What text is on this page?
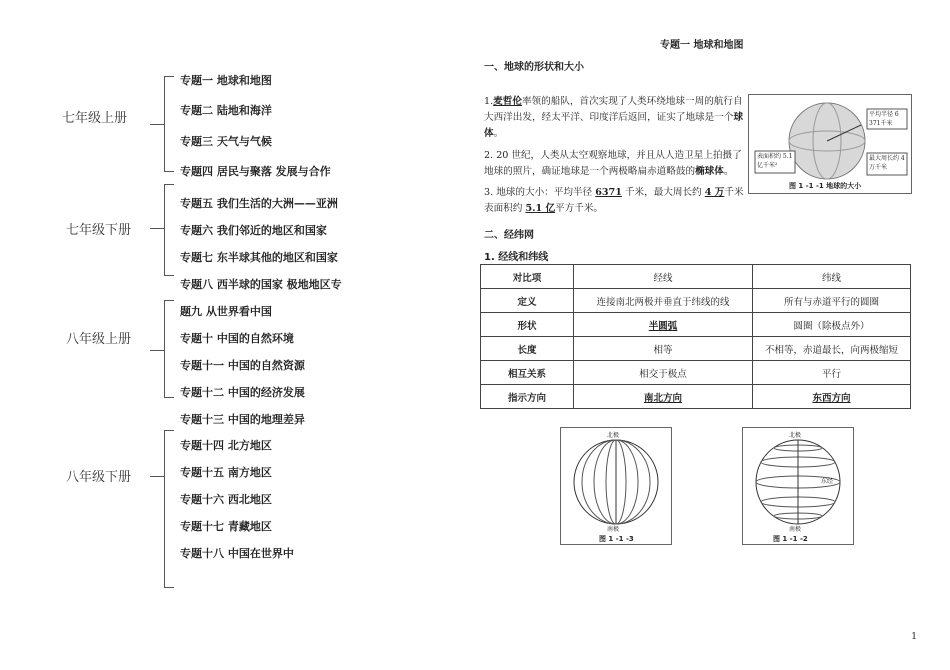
七年级上册
七年级下册
八年级上册
八年级下册
专题一 地球和地图
专题二 陆地和海洋
专题三 天气与气候
专题四 居民与聚落 发展与合作
专题五 我们生活的大洲——亚洲
专题六 我们邻近的地区和国家
专题七 东半球其他的地区和国家
专题八 西半球的国家 极地地区专
题九 从世界看中国
专题十 中国的自然环境
专题十一 中国的自然资源
专题十二 中国的经济发展
专题十三 中国的地理差异
专题十四 北方地区
专题十五 南方地区
专题十六 西北地区
专题十七 青藏地区
专题十八 中国在世界中
专题一 地球和地图
一、地球的形状和大小
1.麦哲伦率领的船队，首次实现了人类环绕地球一周的航行自大西洋出发，经太平洋、印度洋后返回，证实了地球是一个球体。
2. 20 世纪，人类从太空观察地球，并且从人造卫星上拍摄了地球的照片，确证地球是一个两极略扁赤道略鼓的椭球体。
3. 地球的大小：平均半径 6371 千米，最大周长约 4 万千米 表面积约 5.1 亿平方千米。
平均半径 6 371千米
最大周长约 4万千米
表面积约 5.1亿千米²
图 1 -1 -1 地球的大小
二、经纬网
1. 经线和纬线
对比项	经线	纬线
定义	连接南北两极并垂直于纬线的线	所有与赤道平行的圆圈
形状	半圆弧	圆圈（除极点外）
长度	相等	不相等，赤道最长，向两极缩短
相互关系	相交于极点	平行
指示方向	南北方向	东西方向
北极
南极
图 1 -1 -3
北极
南极
东经
图 1 -1 -2
1
